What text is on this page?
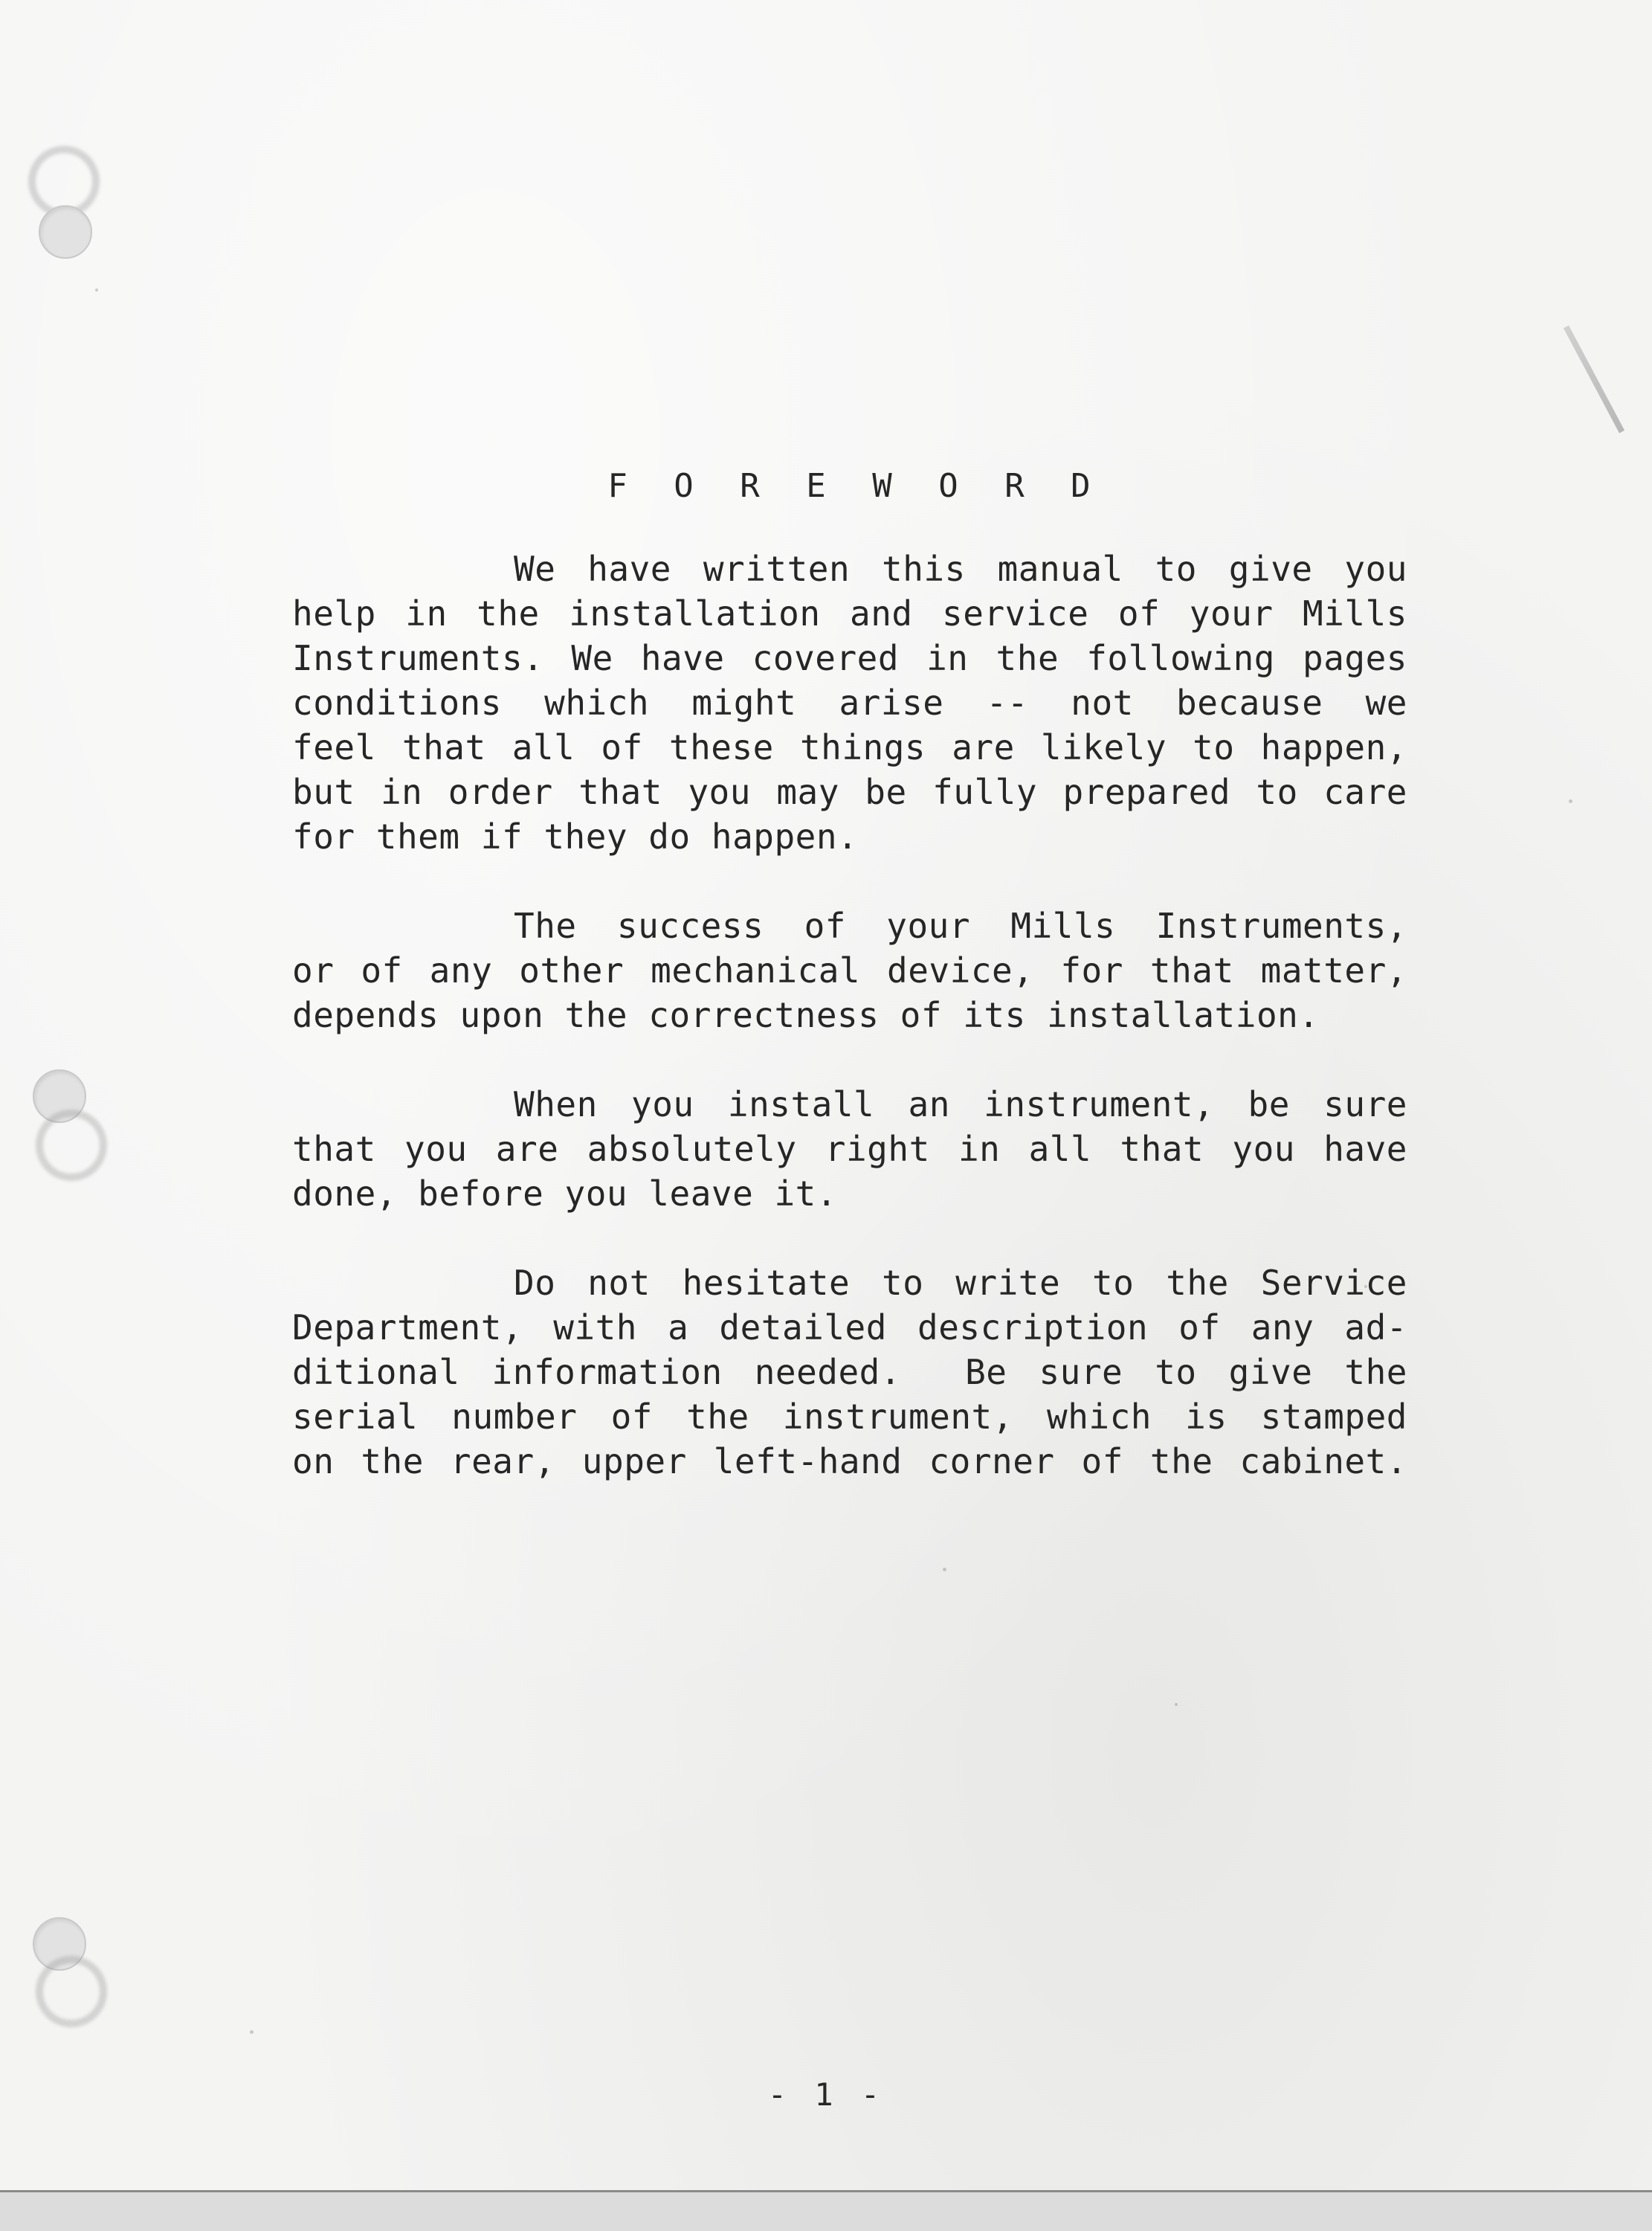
F O R E W O R D
We have written this manual to give you
help in the installation and service of your Mills
Instruments. We have covered in the following pages
conditions which might arise -- not because we
feel that all of these things are likely to happen,
but in order that you may be fully prepared to care
for them if they do happen.
The success of your Mills Instruments,
or of any other mechanical device, for that matter,
depends upon the correctness of its installation.
When you install an instrument, be sure
that you are absolutely right in all that you have
done, before you leave it.
Do not hesitate to write to the Service
Department, with a detailed description of any ad-
ditional information needed.  Be sure to give the
serial number of the instrument, which is stamped
on the rear, upper left-hand corner of the cabinet.
- 1 -
